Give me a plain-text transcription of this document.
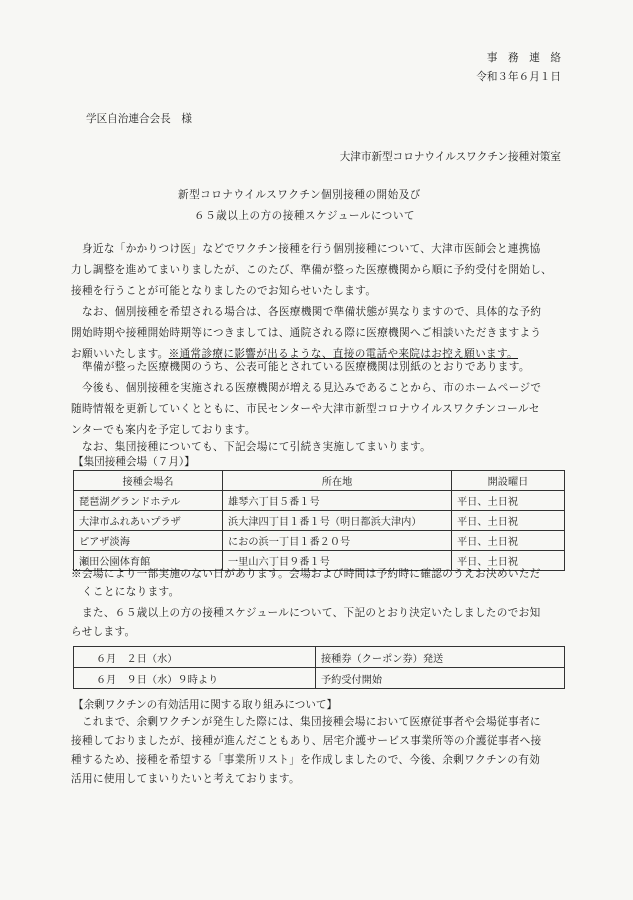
事　務　連　絡
令和３年６月１日
学区自治連合会長　様
大津市新型コロナウイルスワクチン接種対策室
新型コロナウイルスワクチン個別接種の開始及び
６５歳以上の方の接種スケジュールについて
　身近な「かかりつけ医」などでワクチン接種を行う個別接種について、大津市医師会と連携協
力し調整を進めてまいりましたが、このたび、準備が整った医療機関から順に予約受付を開始し、
接種を行うことが可能となりましたのでお知らせいたします。
　なお、個別接種を希望される場合は、各医療機関で準備状態が異なりますので、具体的な予約
開始時期や接種開始時期等につきましては、通院される際に医療機関へご相談いただきますよう
お願いいたします。※通常診療に影響が出るような、直接の電話や来院はお控え願います。
　準備が整った医療機関のうち、公表可能とされている医療機関は別紙のとおりであります。
　今後も、個別接種を実施される医療機関が増える見込みであることから、市のホームページで
随時情報を更新していくとともに、市民センターや大津市新型コロナウイルスワクチンコールセ
ンターでも案内を予定しております。
　なお、集団接種についても、下記会場にて引続き実施してまいります。
【集団接種会場（７月）】
接種会場名	所在地	開設曜日
琵琶湖グランドホテル	雄琴六丁目５番１号	平日、土日祝
大津市ふれあいプラザ	浜大津四丁目１番１号（明日都浜大津内）	平日、土日祝
ピアザ淡海	におの浜一丁目１番２０号	平日、土日祝
瀬田公園体育館	一里山六丁目９番１号	平日、土日祝
※会場により一部実施のない日があります。会場および時間は予約時に確認のうえお決めいただ
　くことになります。
　また、６５歳以上の方の接種スケジュールについて、下記のとおり決定いたしましたのでお知
らせします。
６月　２日（水）	接種券（クーポン券）発送
６月　９日（水）９時より	予約受付開始
【余剰ワクチンの有効活用に関する取り組みについて】
　これまで、余剰ワクチンが発生した際には、集団接種会場において医療従事者や会場従事者に
接種しておりましたが、接種が進んだこともあり、居宅介護サービス事業所等の介護従事者へ接
種するため、接種を希望する「事業所リスト」を作成しましたので、今後、余剰ワクチンの有効
活用に使用してまいりたいと考えております。
